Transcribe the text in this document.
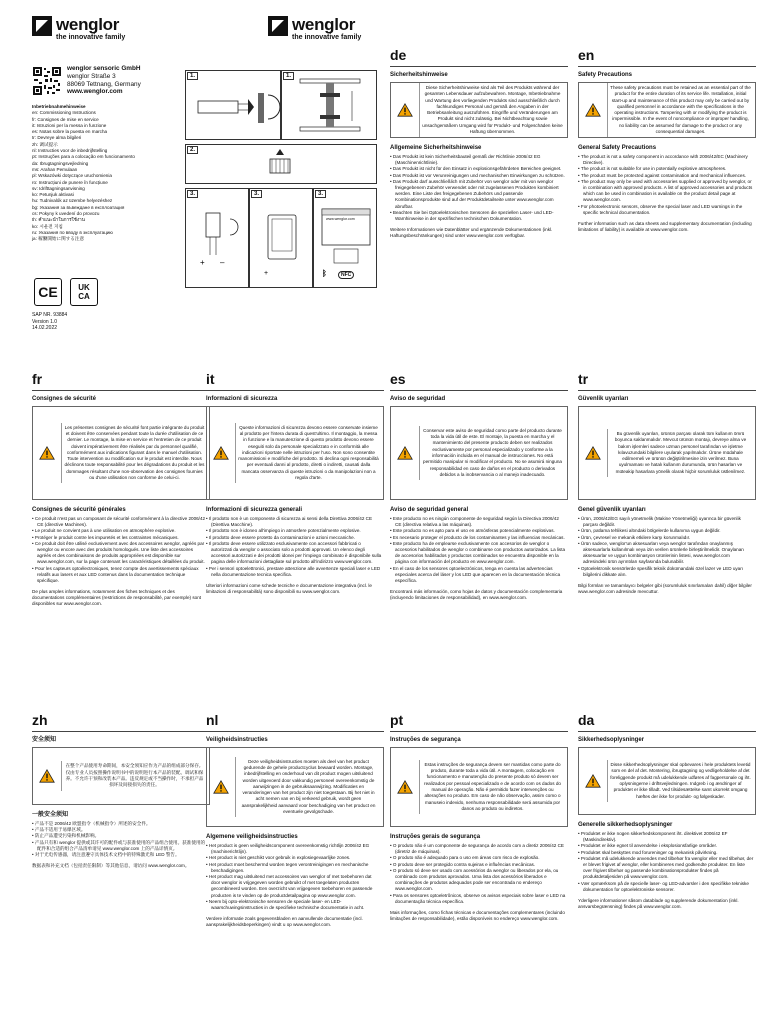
wenglor
the innovative family
wenglor
the innovative family
wenglor sensoric GmbH
wenglor Straße 3
88069 Tettnang, Germany
www.wenglor.com
Inbetriebnahmehinweise
en: Commissioning Instructions
fr: Consignes de mise en service
it: Istruzioni per la messa in funzione
es: Notas sobre la puesta en marcha
tr: Devreye alma bilgileri
zh: 调试提示
nl: Instructies voor de inbedrijfstelling
pt: Instruções para a colocação em funcionamento
da: Ibrugtagningsvejledning
ms: Arahan Pemulaan
pl: Wskazówki dotyczące uruchomienia
ro: Instrucțiuni de punere în funcțiune
sv: Idrifttagningsanvisning
ko: Petunjuk aktivasi
hu: Tudnivalók az üzembe helyezéshez
bg: Указания за въвеждане в експлоатация
cs: Pokyny k uvedení do provozu
th: คำแนะนำในการใช้งาน
ko: 시운전 지침
ru: Указания по вводу в эксплуатацию
ja: 稼働開始に関する注意
CE	UK CA
SAP NR. 93884
Version 1.0
14.02.2022
+ –
+
www.wenglor.com
ᛒ	NFC
1.	1.
2.
3.	3.	3.
de
Sicherheitshinweise
Diese Sicherheitshinweise sind als Teil des Produkts während der gesamten Lebensdauer aufzubewahren. Montage, Inbetriebnahme und Wartung des vorliegenden Produkts sind ausschließlich durch fachkundiges Personal und gemäß den Angaben in der Betriebsanleitung auszuführen. Eingriffe und Veränderungen am Produkt sind nicht zulässig. Bei Nichtbeachtung sowie unsachgemäßem Umgang wird für Produkt- und Folgeschäden keine Haftung übernommen.
Allgemeine Sicherheitshinweise
• Das Produkt ist kein Sicherheitsbauteil gemäß der Richtlinie 2006/42 EG (Maschinenrichtlinie).
• Das Produkt ist nicht für den Einsatz in explosionsgefährdeten Bereichen geeignet.
• Das Produkt ist vor Verunreinigungen und mechanischen Einwirkungen zu schützen.
• Das Produkt darf ausschließlich mit Zubehör von wenglor oder mit von wenglor freigegebenem Zubehör verwendet oder mit zugelassenen Produkten kombiniert werden. Eine Liste des freigegebenen Zubehörs und passende Kombinationsprodukte sind auf der Produktdetailseite unter www.wenglor.com abrufbar.
• Beachten Sie bei Optoelektronischen Sensoren die speziellen Laser- und LED-Warnhinweise in der spezifischen technischen Dokumentation.
Weitere Informationen wie Datenblätter und ergänzende Dokumentationen (inkl. Haftungsbeschränkungen) sind unter www.wenglor.com verfügbar.
en
Safety Precautions
These safety precautions must be retained as an essential part of the product for the entire duration of its service life. Installation, initial start-up and maintenance of this product may only be carried out by qualified personnel in accordance with the specifications in the operating instructions. Tampering with or modifying the product is impermissible. In the event of noncompliance or improper handling, no liability can be assumed for damage to the product or any consequential damages.
General Safety Precautions
• The product is not a safety component in accordance with 2006/42/EC (Machinery Directive).
• The product is not suitable for use in potentially explosive atmospheres.
• The product must be protected against contamination and mechanical influences.
• The product may only be used with accessories supplied or approved by wenglor, or in combination with approved products. A list of approved accessories and products which can be used in combination is available on the product detail page at www.wenglor.com.
• For photoelectronic sensors, observe the special laser and LED warnings in the specific technical documentation.
Further information such as data sheets and supplementary documentation (including limitations of liability) is available at www.wenglor.com.
fr
Consignes de sécurité
Les présentes consignes de sécurité font partie intégrante du produit et doivent être conservées pendant toute la durée d'utilisation de ce dernier. Le montage, la mise en service et l'entretien de ce produit doivent impérativement être réalisés par du personnel qualifié, conformément aux indications figurant dans le manuel d'utilisation. Toute intervention ou modification sur le produit est interdite. Nous déclinons toute responsabilité pour les dégradations du produit et les dommages résultant d'une non-observation des consignes fournies ou d'une utilisation non conforme de celui-ci.
Consignes de sécurité générales
• Ce produit n'est pas un composant de sécurité conformément à la directive 2006/42 CE (directive Machines).
• Le produit ne convient pas à une utilisation en atmosphère explosive.
• Protéger le produit contre les impuretés et les contraintes mécaniques.
• Ce produit doit être utilisé exclusivement avec des accessoires wenglor, agréés par wenglor ou encore avec des produits homologués. Une liste des accessoires agréés et des combinaisons de produits appropriées est disponible sur www.wenglor.com, sur la page contenant les caractéristiques détaillées du produit.
• Pour les capteurs optoélectroniques, tenez compte des avertissements spéciaux relatifs aux lasers et aux LED contenus dans la documentation technique spécifique.
De plus amples informations, notamment des fiches techniques et des documentations complémentaires (restrictions de responsabilité, par exemple) sont disponibles sur www.wenglor.com.
it
Informazioni di sicurezza
Queste informazioni di sicurezza devono essere conservate insieme al prodotto per l'intera durata di quest'ultimo. Il montaggio, la messa in funzione e la manutenzione di questo prodotto devono essere eseguiti solo da personale specializzato e in conformità alle indicazioni riportate nelle istruzioni per l'uso. Non sono consentite manomissioni e modifiche del prodotto. Si declina ogni responsabilità per eventuali danni al prodotto, diretti o indiretti, causati dalla mancata osservanza di queste istruzioni o da manipolazioni non a regola d'arte.
Informazioni di sicurezza generali
• Il prodotto non è un componente di sicurezza ai sensi della Direttiva 2006/42 CE (Direttiva Macchine).
• Il prodotto non è idoneo all'impiego in atmosfere potenzialmente esplosive.
• Il prodotto deve essere protetto da contaminazioni e azioni meccaniche.
• Il prodotto deve essere utilizzato esclusivamente con accessori fabbricati o autorizzati da wenglor o associato solo a prodotti approvati. Un elenco degli accessori autorizzati e dei prodotti idonei per l'impiego combinato è disponibile sulla pagina delle informazioni dettagliate sul prodotto all'indirizzo www.wenglor.com.
• Per i sensori optoelettronici, prestare attenzione alle avvertenze speciali laser e LED nella documentazione tecnica specifica.
Ulteriori informazioni come schede tecniche e documentazione integrativa (incl. le limitazioni di responsabilità) sono disponibili su www.wenglor.com.
es
Aviso de seguridad
Conservar este aviso de seguridad como parte del producto durante toda la vida útil de este. El montaje, la puesta en marcha y el mantenimiento del presente producto deben ser realizados exclusivamente por personal especializado y conforme a la información incluida en el manual de instrucciones. No está permitido manipular ni modificar el producto. No se asumirá ninguna responsabilidad en caso de daños en el producto o derivados debidos a la inobservancia o al manejo inadecuado.
Aviso de seguridad general
• Este producto no es ningún componente de seguridad según la Directiva 2006/42 CE (directiva relativa a las máquinas).
• Este producto no es apto para el uso en atmósferas potencialmente explosivas.
• Es necesario proteger el producto de los contaminantes y las influencias mecánicas.
• Este producto ha de emplearse exclusivamente con accesorios de wenglor o accesorios habilitados de wenglor o combinarse con productos autorizados. La lista de accesorios habilitados y productos combinados se encuentra disponible en la página con información del producto en www.wenglor.com.
• En el caso de los sensores optoelectrónicos, tenga en cuenta las advertencias especiales acerca del láser y los LED que aparecen en la documentación técnica específica.
Encontrará más información, como hojas de datos y documentación complementaria (incluyendo limitaciones de responsabilidad), en www.wenglor.com.
tr
Güvenlik uyarıları
Bu güvenlik uyarıları, ürünün parçası olarak tüm kullanım ömrü boyunca saklanmalıdır. Mevcut ürünün montajı, devreye alma ve bakım işlemleri sadece uzman personel tarafından ve işletme kılavuzundaki bilgilere uyularak yapılmalıdır. Ürüne müdahale edilmemeli ve ürünün değiştirilmesine izin verilmez. Buna uyulmaması ve hatalı kullanım durumunda, ürün hasarları ve müteakip hasarlara yönelik olarak hiçbir sorumluluk üstlenilmez.
Genel güvenlik uyarıları
• Ürün, 2006/42/EG sayılı yönetmelik (Makine Yönetmeliği) uyarınca bir güvenlik parçası değildir.
• Ürün, patlama tehlikesi altındaki bölgelerde kullanıma uygun değildir.
• Ürün, çevresel ve mekanik etkilere karşı korunmalıdır.
• Ürün sadece, wenglor'un aksesuarları veya wenglor tarafından onaylanmış aksesuarlarla kullanılmalı veya izin verilen ürünlerle birleştirilmelidir. Onaylanan aksesuarlar ve uygun kombinasyon ürünlerinin listesi, www.wenglor.com adresindeki ürün ayrıntıları sayfasında bulunabilir.
• Optoelektronik sensörlerde spesifik teknik dokümandaki özel lazer ve LED uyarı bilgilerini dikkate alın.
Bilgi formları ve tamamlayıcı belgeler gibi (sorumluluk sınırlamaları dahil) diğer bilgiler www.wenglor.com adresinde mevcuttur.
zh
安全须知
在整个产品使用寿命期间，本安全须知应作为产品的组成部分保存。仅由专业人员按照操作说明书中的说明进行本产品的装配、调试和保养。不允许干预和改装本产品。违反规定或不当操作时，不承担产品损坏及间接损失的责任。
一般安全须知
• 产品不是 2006/42 欧盟指令（机械指令）所述的安全件。
• 产品不适用于易爆区域。
• 防止产品遭受污染和机械影响。
• 产品只有和 wenglor 提供或其许可的配件或与获准使用的产品组合使用。获准使用的配件和合适的组合产品清单请见 www.wenglor.com 上的产品详情页。
• 对于光电传感器，请注意遵守具体技术文档中的特殊激光和 LED 警告。
数据表和补充文档（包括责任限制）等其他信息，请访问 www.wenglor.com。
nl
Veiligheidsinstructies
Deze veiligheidsinstructies moeten als deel van het product gedurende de gehele productcyclus bewaard worden. Montage, inbedrijfstelling en onderhoud van dit product mogen uitsluitend worden uitgevoerd door vakkundig personeel overeenkomstig de aanwijzingen in de gebruiksaanwijzing. Modificaties en veranderingen van het product zijn niet toegestaan. Bij het niet in acht nemen van en bij verkeerd gebruik, wordt geen aansprakelijkheid aanvaard voor beschadiging van het product en eventuele gevolgschade.
Algemene veiligheidsinstructies
• Het product is geen veiligheidscomponent overeenkomstig richtlijn 2006/42 EG (machinerichtlijn).
• Het product is niet geschikt voor gebruik in explosiegevaarlijke zones.
• Het product moet beschermd worden tegen verontreinigingen en mechanische beschadigingen.
• Het product mag uitsluitend met accessoires van wenglor of met toebehoren dat door wenglor is vrijgegeven worden gebruikt of met toegelaten producten gecombineerd worden. Een overzicht van vrijgegeven toebehoren en passende producten is te vinden op de productdetailpagina op www.wenglor.com.
• Neem bij opto-elektronische sensoren de speciale laser- en LED-waarschuwingsinstructies in de specifieke technische documentatie in acht.
Verdere informatie zoals gegevensbladen en aanvullende documentatie (incl. aansprakelijkheidsbeperkingen) vindt u op www.wenglor.com.
pt
Instruções de segurança
Estas instruções de segurança devem ser mantidas como parte do produto, durante toda a vida útil. A montagem, colocação em funcionamento e manutenção do presente produto só devem ser realizados por pessoal especializado e de acordo com os dados do manual de operação. Não é permitido fazer intervenções ou alterações no produto. Em caso de não observação, assim como o manuseio indevido, nenhuma responsabilidade será assumida por danos ao produto ou indiretos.
Instruções gerais de segurança
• O produto não é um componente de segurança de acordo com a diretiz 2006/42 CE (diretriz de máquinas).
• O produto não é adequado para o uso em áreas com risco de explosão.
• O produto deve ser protegido contra sujeiras e influências mecânicas.
• O produto só deve ser usado com acessórios da wenglor ou liberados por ela, ou combinado com produtos aprovados. Uma lista dos acessórios liberados e combinações de produtos adequados pode ser encontrada no endereço www.wenglor.com.
• Para os sensores optoeletrônicos, observe os avisos especiais sobre laser e LED na documentação técnica específica.
Mais informações, como fichas técnicas e documentações complementares (incluindo limitações de responsabilidade), estão disponíveis no endereço www.wenglor.com.
da
Sikkerhedsoplysninger
Disse sikkerhedsoplysninger skal opbevares i hele produktets levetid som en del af det. Montering, ibrugtagning og vedligeholdelse af det foreliggende produkt må udelukkende udføres af fagpersonale og iht. oplysningerne i driftsvejledningen. Indgreb i og ændringer af produktet er ikke tilladt. Ved tilsidesættelse samt ukorrekt omgang hæftes der ikke for produkt- og følgeskader.
Generelle sikkerhedsoplysninger
• Produktet er ikke nogen sikkerhedskomponent iht. direktivet 2006/42 EF (Maskindirektiv).
• Produktet er ikke egnet til anvendelse i eksplosionsfarlige områder.
• Produktet skal beskyttes mod forureninger og mekanisk påvirkning.
• Produktet må udelukkende anvendes med tilbehør fra wenglor eller med tilbehør, der er blevet frigivet af wenglor, eller kombineres med godkendte produkter. En liste over frigivet tilbehør og passende kombinationsprodukter findes på produktdetaljesiden på www.wenglor.com.
• Vær opmærksom på de specielle laser- og LED-advarsler i den specifikke tekniske dokumentation for optoelektroniske sensorer.
Yderligere informationer såsom datablade og supplerende dokumentation (inkl. ansvarsbegrænsning) findes på www.wenglor.com.
